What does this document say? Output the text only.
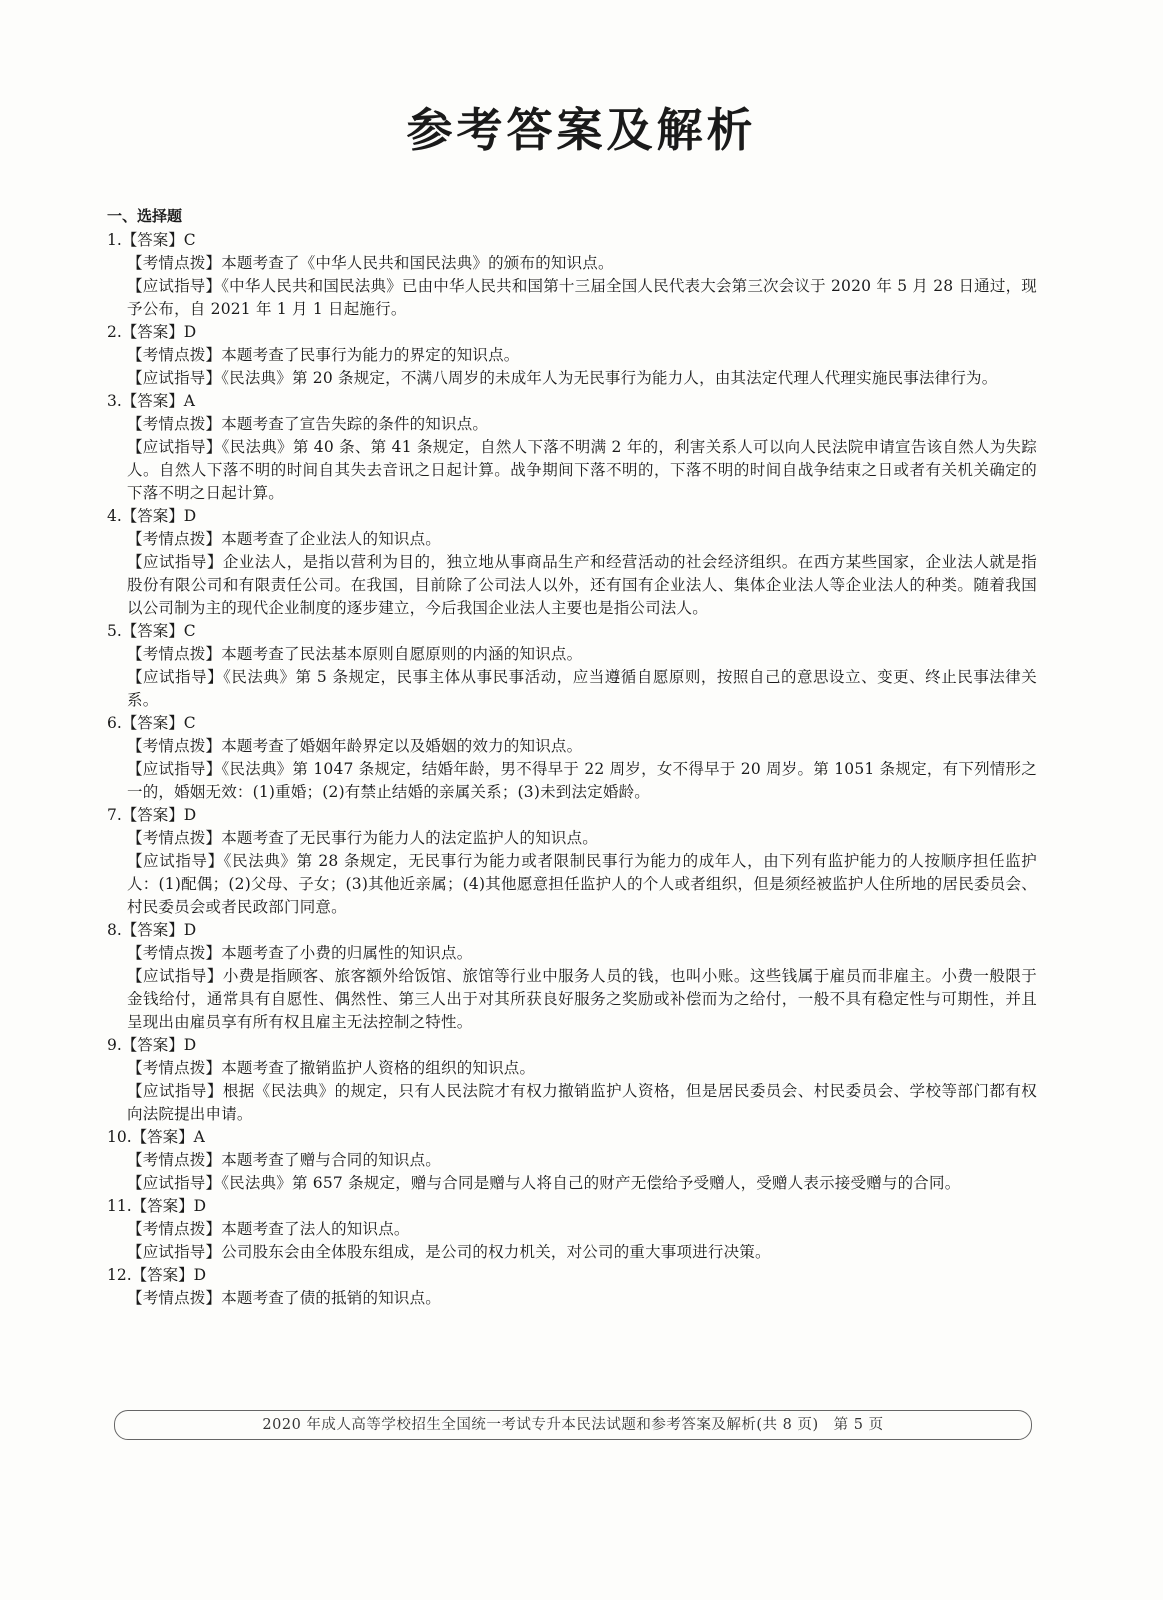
参考答案及解析
一、选择题
1.【答案】C
【考情点拨】本题考查了《中华人民共和国民法典》的颁布的知识点。
【应试指导】《中华人民共和国民法典》已由中华人民共和国第十三届全国人民代表大会第三次会议于 2020 年 5 月 28 日通过，现予公布，自 2021 年 1 月 1 日起施行。
2.【答案】D
【考情点拨】本题考查了民事行为能力的界定的知识点。
【应试指导】《民法典》第 20 条规定，不满八周岁的未成年人为无民事行为能力人，由其法定代理人代理实施民事法律行为。
3.【答案】A
【考情点拨】本题考查了宣告失踪的条件的知识点。
【应试指导】《民法典》第 40 条、第 41 条规定，自然人下落不明满 2 年的，利害关系人可以向人民法院申请宣告该自然人为失踪人。自然人下落不明的时间自其失去音讯之日起计算。战争期间下落不明的，下落不明的时间自战争结束之日或者有关机关确定的下落不明之日起计算。
4.【答案】D
【考情点拨】本题考查了企业法人的知识点。
【应试指导】企业法人，是指以营利为目的，独立地从事商品生产和经营活动的社会经济组织。在西方某些国家，企业法人就是指股份有限公司和有限责任公司。在我国，目前除了公司法人以外，还有国有企业法人、集体企业法人等企业法人的种类。随着我国以公司制为主的现代企业制度的逐步建立，今后我国企业法人主要也是指公司法人。
5.【答案】C
【考情点拨】本题考查了民法基本原则自愿原则的内涵的知识点。
【应试指导】《民法典》第 5 条规定，民事主体从事民事活动，应当遵循自愿原则，按照自己的意思设立、变更、终止民事法律关系。
6.【答案】C
【考情点拨】本题考查了婚姻年龄界定以及婚姻的效力的知识点。
【应试指导】《民法典》第 1047 条规定，结婚年龄，男不得早于 22 周岁，女不得早于 20 周岁。第 1051 条规定，有下列情形之一的，婚姻无效：(1)重婚；(2)有禁止结婚的亲属关系；(3)未到法定婚龄。
7.【答案】D
【考情点拨】本题考查了无民事行为能力人的法定监护人的知识点。
【应试指导】《民法典》第 28 条规定，无民事行为能力或者限制民事行为能力的成年人，由下列有监护能力的人按顺序担任监护人：(1)配偶；(2)父母、子女；(3)其他近亲属；(4)其他愿意担任监护人的个人或者组织，但是须经被监护人住所地的居民委员会、村民委员会或者民政部门同意。
8.【答案】D
【考情点拨】本题考查了小费的归属性的知识点。
【应试指导】小费是指顾客、旅客额外给饭馆、旅馆等行业中服务人员的钱，也叫小账。这些钱属于雇员而非雇主。小费一般限于金钱给付，通常具有自愿性、偶然性、第三人出于对其所获良好服务之奖励或补偿而为之给付，一般不具有稳定性与可期性，并且呈现出由雇员享有所有权且雇主无法控制之特性。
9.【答案】D
【考情点拨】本题考查了撤销监护人资格的组织的知识点。
【应试指导】根据《民法典》的规定，只有人民法院才有权力撤销监护人资格，但是居民委员会、村民委员会、学校等部门都有权向法院提出申请。
10.【答案】A
【考情点拨】本题考查了赠与合同的知识点。
【应试指导】《民法典》第 657 条规定，赠与合同是赠与人将自己的财产无偿给予受赠人，受赠人表示接受赠与的合同。
11.【答案】D
【考情点拨】本题考查了法人的知识点。
【应试指导】公司股东会由全体股东组成，是公司的权力机关，对公司的重大事项进行决策。
12.【答案】D
【考情点拨】本题考查了债的抵销的知识点。
2020 年成人高等学校招生全国统一考试专升本民法试题和参考答案及解析(共 8 页)　第 5 页
